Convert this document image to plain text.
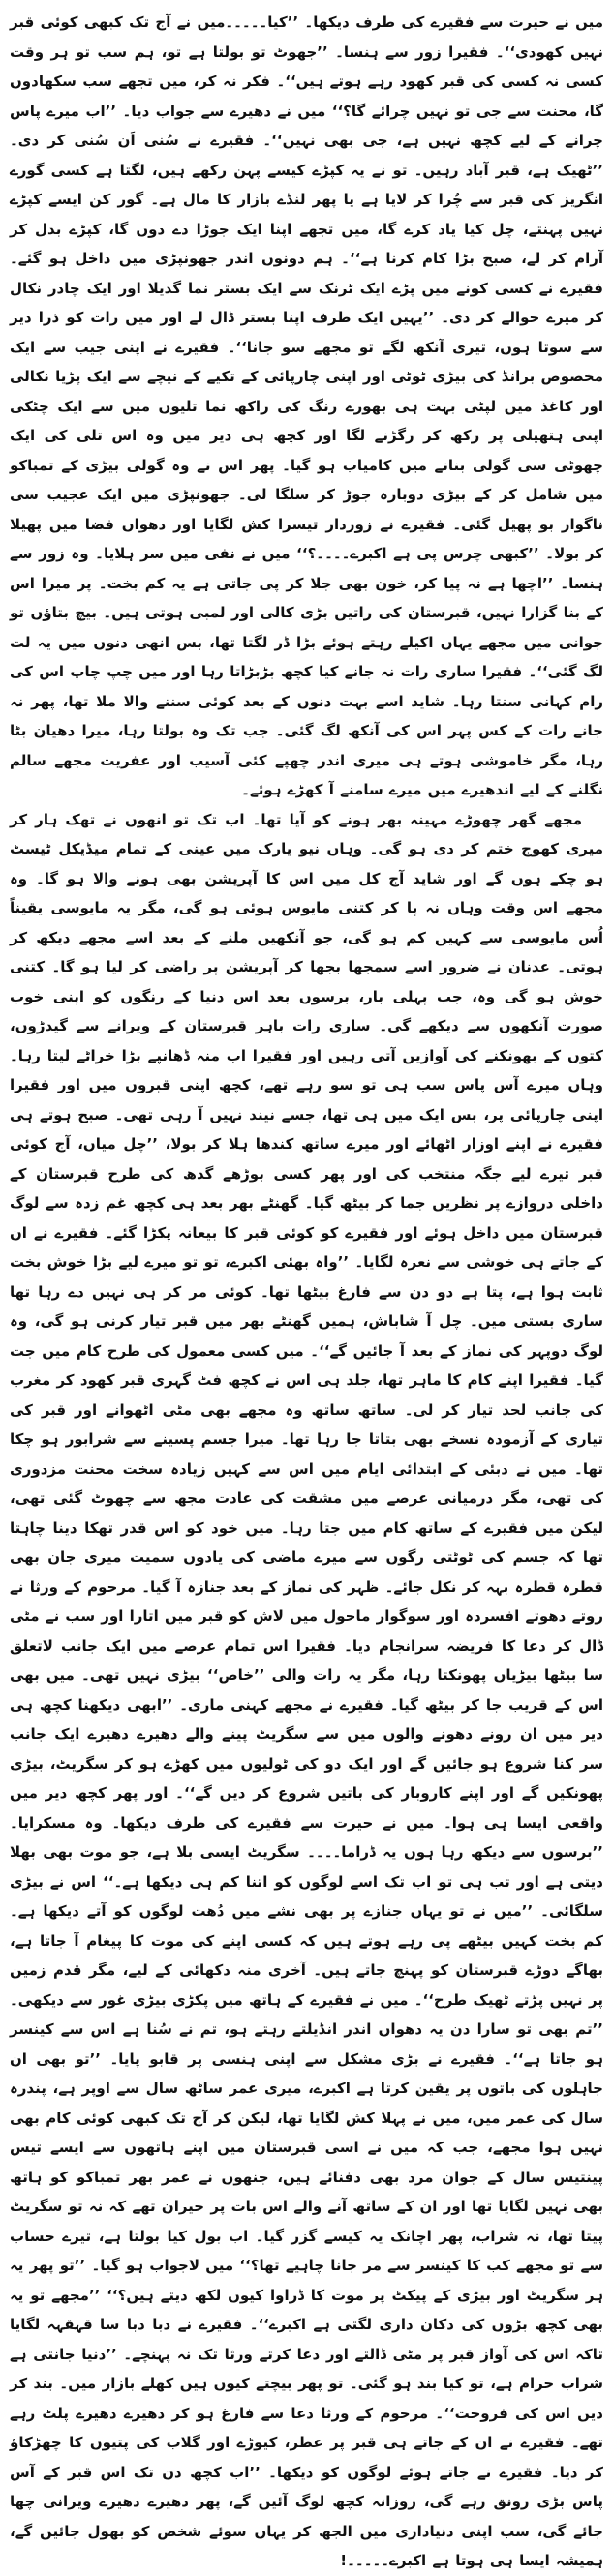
میں نے حیرت سے فقیرے کی طرف دیکھا۔ ’’کیا۔۔۔۔۔میں نے آج تک کبھی کوئی قبر نہیں کھودی‘‘۔ فقیرا زور سے ہنسا۔ ’’جھوٹ تو بولتا ہے تو، ہم سب تو ہر وقت کسی نہ کسی کی قبر کھود رہے ہوتے ہیں‘‘۔ فکر نہ کر، میں تجھے سب سکھادوں گا، محنت سے جی تو نہیں چرائے گا؟‘‘ میں نے دھیرے سے جواب دیا۔ ’’اب میرے پاس چرانے کے لیے کچھ نہیں ہے، جی بھی نہیں‘‘۔ فقیرے نے سُنی اَن سُنی کر دی۔ ’’ٹھیک ہے، قبر آباد رہیں۔ تو نے یہ کپڑے کیسے پہن رکھے ہیں، لگتا ہے کسی گورے انگریز کی قبر سے چُرا کر لایا ہے یا پھر لنڈے بازار کا مال ہے۔ گور کن ایسے کپڑے نہیں پہنتے، چل کیا یاد کرے گا، میں تجھے اپنا ایک جوڑا دے دوں گا، کپڑے بدل کر آرام کر لے، صبح بڑا کام کرنا ہے‘‘۔ ہم دونوں اندر جھونپڑی میں داخل ہو گئے۔ فقیرے نے کسی کونے میں پڑے ایک ٹرنک سے ایک بستر نما گدیلا اور ایک چادر نکال کر میرے حوالے کر دی۔ ’’یہیں ایک طرف اپنا بستر ڈال لے اور میں رات کو ذرا دیر سے سوتا ہوں، تیری آنکھ لگے تو مجھے سو جانا‘‘۔ فقیرے نے اپنی جیب سے ایک مخصوص برانڈ کی بیڑی ٹوٹی اور اپنی چارپائی کے تکیے کے نیچے سے ایک پڑیا نکالی اور کاغذ میں لپٹی بہت ہی بھورے رنگ کی راکھ نما تلیوں میں سے ایک چٹکی اپنی ہتھیلی پر رکھ کر رگڑنے لگا اور کچھ ہی دیر میں وہ اس تلی کی ایک چھوٹی سی گولی بنانے میں کامیاب ہو گیا۔ پھر اس نے وہ گولی بیڑی کے تمباکو میں شامل کر کے بیڑی دوبارہ جوڑ کر سلگا لی۔ جھونپڑی میں ایک عجیب سی ناگوار بو پھیل گئی۔ فقیرے نے زوردار تیسرا کش لگایا اور دھواں فضا میں پھیلا کر بولا۔ ’’کبھی چرس پی ہے اکبرے۔۔۔۔؟‘‘ میں نے نفی میں سر ہلایا۔ وہ زور سے ہنسا۔ ’’اچھا ہے نہ پیا کر، خون بھی جلا کر پی جاتی ہے یہ کم بخت۔ پر میرا اس کے بنا گزارا نہیں، قبرستان کی راتیں بڑی کالی اور لمبی ہوتی ہیں۔ بیچ بتاؤں تو جوانی میں مجھے یہاں اکیلے رہتے ہوئے بڑا ڈر لگتا تھا، بس انھی دنوں میں یہ لت لگ گئی‘‘۔ فقیرا ساری رات نہ جانے کیا کچھ بڑبڑاتا رہا اور میں چپ چاپ اس کی رام کہانی سنتا رہا۔ شاید اسے بہت دنوں کے بعد کوئی سننے والا ملا تھا، پھر نہ جانے رات کے کس پہر اس کی آنکھ لگ گئی۔ جب تک وہ بولتا رہا، میرا دھیان بٹا رہا، مگر خاموشی ہوتے ہی میری اندر چھپے کئی آسیب اور عفریت مجھے سالم نگلنے کے لیے اندھیرے میں میرے سامنے آ کھڑے ہوئے۔
مجھے گھر چھوڑے مہینہ بھر ہونے کو آیا تھا۔ اب تک تو انھوں نے تھک ہار کر میری کھوج ختم کر دی ہو گی۔ وہاں نیو یارک میں عینی کے تمام میڈیکل ٹیسٹ ہو چکے ہوں گے اور شاید آج کل میں اس کا آپریشن بھی ہونے والا ہو گا۔ وہ مجھے اس وقت وہاں نہ پا کر کتنی مایوس ہوئی ہو گی، مگر یہ مایوسی یقیناً اُس مایوسی سے کہیں کم ہو گی، جو آنکھیں ملنے کے بعد اسے مجھے دیکھ کر ہوتی۔ عدنان نے ضرور اسے سمجھا بجھا کر آپریشن پر راضی کر لیا ہو گا۔ کتنی خوش ہو گی وہ، جب پہلی بار، برسوں بعد اس دنیا کے رنگوں کو اپنی خوب صورت آنکھوں سے دیکھے گی۔ ساری رات باہر قبرستان کے ویرانے سے گیدڑوں، کتوں کے بھونکنے کی آوازیں آتی رہیں اور فقیرا اب منہ ڈھانپے بڑا خراٹے لیتا رہا۔ وہاں میرے آس پاس سب ہی تو سو رہے تھے، کچھ اپنی قبروں میں اور فقیرا اپنی چارپائی پر، بس ایک میں ہی تھا، جسے نیند نہیں آ رہی تھی۔ صبح ہوتے ہی فقیرے نے اپنے اوزار اٹھائے اور میرے ساتھ کندھا ہلا کر بولا، ’’چل میاں، آج کوئی قبر تیرے لیے جگہ منتخب کی اور پھر کسی بوڑھے گدھ کی طرح قبرستان کے داخلی دروازے پر نظریں جما کر بیٹھ گیا۔ گھنٹے بھر بعد ہی کچھ غم زدہ سے لوگ قبرستان میں داخل ہوئے اور فقیرے کو کوئی قبر کا بیعانہ پکڑا گئے۔ فقیرے نے ان کے جاتے ہی خوشی سے نعرہ لگایا۔ ’’واہ بھئی اکبرے، تو تو میرے لیے بڑا خوش بخت ثابت ہوا ہے، پتا ہے دو دن سے فارغ بیٹھا تھا۔ کوئی مر کر ہی نہیں دے رہا تھا ساری بستی میں۔ چل آ شاباش، ہمیں گھنٹے بھر میں قبر تیار کرنی ہو گی، وہ لوگ دوپہر کی نماز کے بعد آ جائیں گے‘‘۔ میں کسی معمول کی طرح کام میں جت گیا۔ فقیرا اپنے کام کا ماہر تھا، جلد ہی اس نے کچھ فٹ گہری قبر کھود کر مغرب کی جانب لحد تیار کر لی۔ ساتھ ساتھ وہ مجھے بھی مٹی اٹھوانے اور قبر کی تیاری کے آزمودہ نسخے بھی بتاتا جا رہا تھا۔ میرا جسم پسینے سے شرابور ہو چکا تھا۔ میں نے دبئی کے ابتدائی ایام میں اس سے کہیں زیادہ سخت محنت مزدوری کی تھی، مگر درمیانی عرصے میں مشقت کی عادت مجھ سے چھوٹ گئی تھی، لیکن میں فقیرے کے ساتھ کام میں جتا رہا۔ میں خود کو اس قدر تھکا دینا چاہتا تھا کہ جسم کی ٹوٹتی رگوں سے میرے ماضی کی یادوں سمیت میری جان بھی قطرہ قطرہ بہہ کر نکل جائے۔ ظہر کی نماز کے بعد جنازہ آ گیا۔ مرحوم کے ورثا نے روتے دھوتے افسردہ اور سوگوار ماحول میں لاش کو قبر میں اتارا اور سب نے مٹی ڈال کر دعا کا فریضہ سرانجام دیا۔ فقیرا اس تمام عرصے میں ایک جانب لاتعلق سا بیٹھا بیڑیاں پھونکتا رہا، مگر یہ رات والی ’’خاص‘‘ بیڑی نہیں تھی۔ میں بھی اس کے قریب جا کر بیٹھ گیا۔ فقیرے نے مجھے کہنی ماری۔ ’’ابھی دیکھنا کچھ ہی دیر میں ان رونے دھونے والوں میں سے سگریٹ پینے والے دھیرے دھیرے ایک جانب سر کنا شروع ہو جائیں گے اور ایک دو کی ٹولیوں میں کھڑے ہو کر سگریٹ، بیڑی پھونکیں گے اور اپنے کاروبار کی باتیں شروع کر دیں گے‘‘۔ اور پھر کچھ دیر میں واقعی ایسا ہی ہوا۔ میں نے حیرت سے فقیرے کی طرف دیکھا۔ وہ مسکرایا۔ ’’برسوں سے دیکھ رہا ہوں یہ ڈراما۔۔۔۔ سگریٹ ایسی بلا ہے، جو موت بھی بھلا دیتی ہے اور تب ہی تو اب تک اسے لوگوں کو اتنا کم ہی دیکھا ہے۔‘‘ اس نے بیڑی سلگائی۔ ’’میں نے تو یہاں جنازے پر بھی نشے میں دُھت لوگوں کو آتے دیکھا ہے۔ کم بخت کہیں بیٹھے پی رہے ہوتے ہیں کہ کسی اپنے کی موت کا پیغام آ جاتا ہے، بھاگے دوڑے قبرستان کو پہنچ جاتے ہیں۔ آخری منہ دکھائی کے لیے، مگر قدم زمین پر نہیں پڑتے ٹھیک طرح‘‘۔ میں نے فقیرے کے ہاتھ میں پکڑی بیڑی غور سے دیکھی۔ ’’تم بھی تو سارا دن یہ دھواں اندر انڈیلتے رہتے ہو، تم نے سُنا ہے اس سے کینسر ہو جاتا ہے‘‘۔ فقیرے نے بڑی مشکل سے اپنی ہنسی پر قابو پایا۔ ’’تو بھی ان جاہلوں کی باتوں پر یقین کرتا ہے اکبرے، میری عمر ساٹھ سال سے اوپر ہے، پندرہ سال کی عمر میں، میں نے پہلا کش لگایا تھا، لیکن کر آج تک کبھی کوئی کام بھی نہیں ہوا مجھے، جب کہ میں نے اسی قبرستان میں اپنے ہاتھوں سے ایسے تیس پینتیس سال کے جوان مرد بھی دفنائے ہیں، جنھوں نے عمر بھر تمباکو کو ہاتھ بھی نہیں لگایا تھا اور ان کے ساتھ آنے والے اس بات پر حیران تھے کہ نہ تو سگریٹ پیتا تھا، نہ شراب، پھر اچانک یہ کیسے گزر گیا۔ اب بول کیا بولتا ہے، تیرے حساب سے تو مجھے کب کا کینسر سے مر جانا چاہیے تھا؟‘‘ میں لاجواب ہو گیا۔ ’’تو پھر یہ ہر سگریٹ اور بیڑی کے پیکٹ پر موت کا ڈراوا کیوں لکھ دیتے ہیں؟‘‘ ’’مجھے تو یہ بھی کچھ بڑوں کی دکان داری لگتی ہے اکبرے‘‘۔ فقیرے نے دبا دبا سا قہقہہ لگایا تاکہ اس کی آواز قبر پر مٹی ڈالتے اور دعا کرتے ورثا تک نہ پہنچے۔ ’’دنیا جانتی ہے شراب حرام ہے، تو کیا بند ہو گئی۔ تو پھر بیچتے کیوں ہیں کھلے بازار میں۔ بند کر دیں اس کی فروخت‘‘۔ مرحوم کے ورثا دعا سے فارغ ہو کر دھیرے دھیرے پلٹ رہے تھے۔ فقیرے نے ان کے جاتے ہی قبر پر عطر، کیوڑے اور گلاب کی پتیوں کا چھڑکاؤ کر دیا۔ فقیرے نے جاتے ہوئے لوگوں کو دیکھا۔ ’’اب کچھ دن تک اس قبر کے آس پاس بڑی رونق رہے گی، روزانہ کچھ لوگ آئیں گے، پھر دھیرے دھیرے ویرانی چھا جائے گی، سب اپنی دنیاداری میں الجھ کر یہاں سوئے شخص کو بھول جائیں گے، ہمیشہ ایسا ہی ہوتا ہے اکبرے۔۔۔۔۔!
